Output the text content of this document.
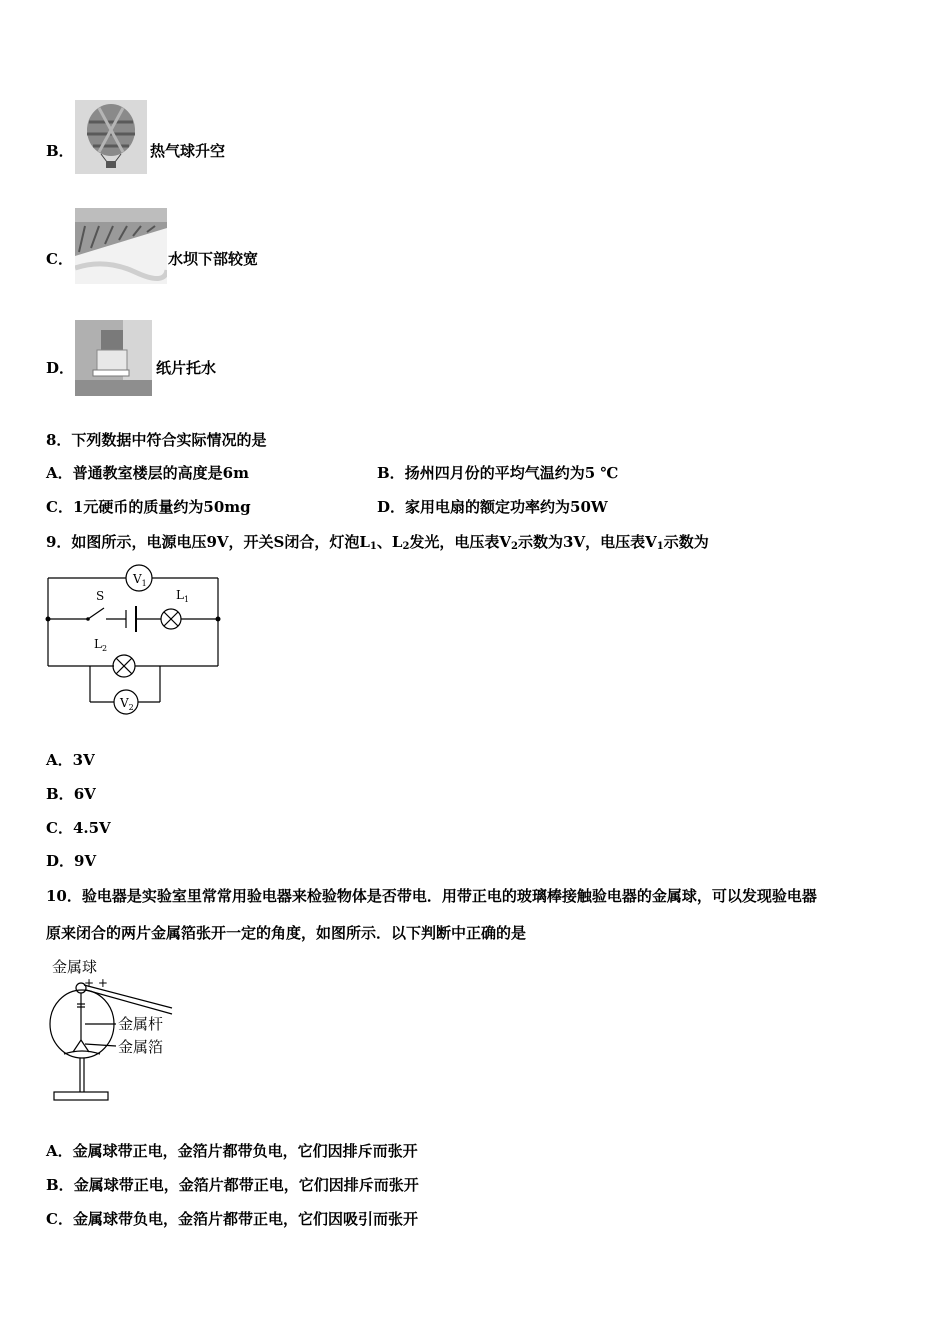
B．	热气球升空
C．	水坝下部较宽
D．	纸片托水
8．下列数据中符合实际情况的是
A．普通教室楼层的高度是6m	B．扬州四月份的平均气温约为5 ℃
C．1元硬币的质量约为50mg	D．家用电扇的额定功率约为50W
9．如图所示，电源电压9V，开关S闭合，灯泡$L_1$、$L_2$发光，电压表$V_2$示数为3V，电压表$V_1$示数为
$V_1$
$V_2$
S	$L_1$
$L_2$
A．3V
B．6V
C．4.5V
D．9V
10．验电器是实验室里常常用验电器来检验物体是否带电．用带正电的玻璃棒接触验电器的金属球，可以发现验电器
原来闭合的两片金属箔张开一定的角度，如图所示．以下判断中正确的是
金属球
+ +
金属杆
金属箔
A．金属球带正电，金箔片都带负电，它们因排斥而张开
B．金属球带正电，金箔片都带正电，它们因排斥而张开
C．金属球带负电，金箔片都带正电，它们因吸引而张开
